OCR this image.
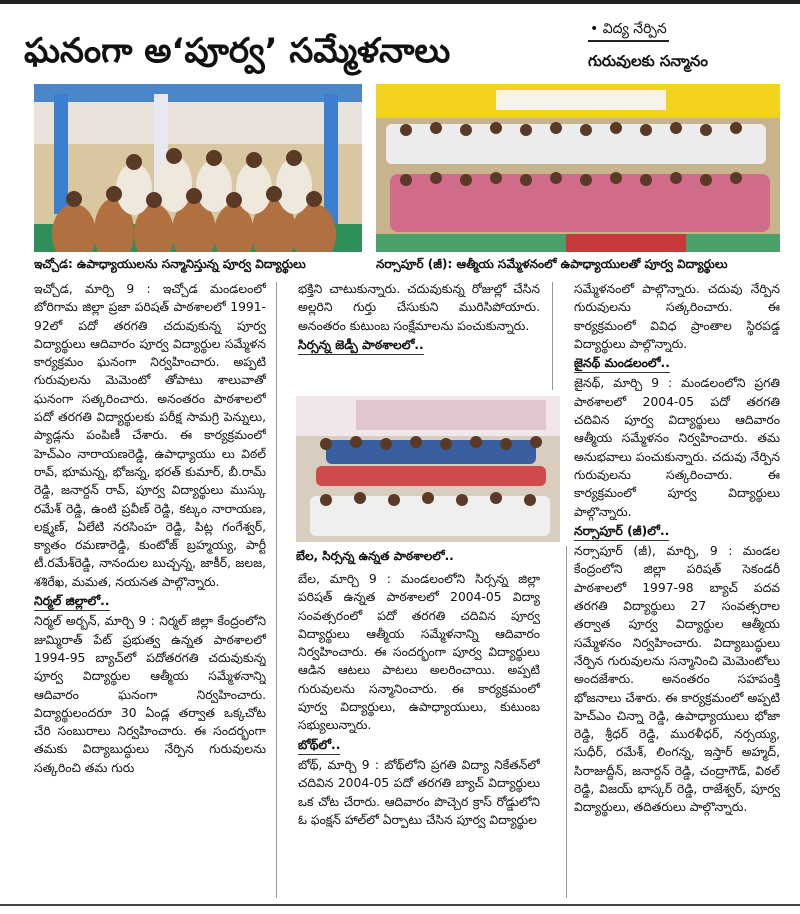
ఘనంగా అ‘పూర్వ’ సమ్మేళనాలు
• విద్య నేర్పిన
గురువులకు సన్మానం
ఇచ్చోడ: ఉపాధ్యాయులను సన్మానిస్తున్న పూర్వ విద్యార్థులు	నర్సాపూర్ (జీ): ఆత్మీయ సమ్మేళనంలో ఉపాధ్యాయులతో పూర్వ విద్యార్థులు

ఇచ్చోడ, మార్చి 9 : ఇచ్చోడ మండలంలో బోరిగామ జిల్లా ప్రజా పరిషత్ పాఠశాలలో 1991-92లో పదో తరగతి చదువుకున్న పూర్వ విద్యార్థులు ఆదివారం పూర్వ విద్యార్థుల సమ్మేళన కార్యక్రమం ఘనంగా నిర్వహించారు. అప్పటి గురువులను మెమెంటో తోపాటు శాలువాతో ఘనంగా సత్కరించారు. అనంతరం పాఠశాలలో పదో తరగతి విద్యార్థులకు పరీక్ష సామగ్రి పెన్నులు, ప్యాడ్లను పంపిణీ చేశారు. ఈ కార్యక్రమంలో హెచ్‌ఎం నారాయణరెడ్డి, ఉపాధ్యాయు లు విఠల్ రావ్, భూమన్న, భోజన్న, భరత్ కుమార్, బీ.రామ్ రెడ్డి, జనార్దన్ రావ్, పూర్వ విద్యార్థులు ముస్కు రమేశ్ రెడ్డి, ఉంటి ప్రవీణ్ రెడ్డి, కట్కం నారాయణ, లక్ష్మణ్, ఏలేటి నరసింహ రెడ్డి, పిట్ల గంగేశ్వర్, క్యాతం రమణారెడ్డి, కుంటోజ్ బ్రహ్మయ్య, పార్టీ టీ.రమేశ్‌రెడ్డి, నానందుల బుచ్చన్న, జాకీర్, జలజ, శశిరేఖ, మమత, నయనత పాల్గొన్నారు.

నిర్మల్ జిల్లాలో..

నిర్మల్ అర్బన్, మార్చి 9 : నిర్మల్ జిల్లా కేంద్రంలోని జుమ్మిరాత్ పేట్ ప్రభుత్వ ఉన్నత పాఠశాలలో 1994-95 బ్యాచ్‌లో పదోతరగతి చదువుకున్న పూర్వ విద్యార్థుల ఆత్మీయ సమ్మేళనాన్ని ఆదివారం ఘనంగా నిర్వహించారు. విద్యార్థులందరూ 30 ఏండ్ల తర్వాత ఒక్కచోట చేరి సంబురాలు నిర్వహించారు. ఈ సందర్భంగా తమకు విద్యాబుద్ధులు నేర్పిన గురువులను సత్కరించి తమ గురు

భక్తిని చాటుకున్నారు. చదువుకున్న రోజుల్లో చేసిన అల్లరిని గుర్తు చేసుకుని మురిసిపోయారు. అనంతరం కుటుంబ సంక్షేమాలను పంచుకున్నారు.

సిర్సన్న జెడ్పీ పాఠశాలలో..
బేల, సిర్సన్న ఉన్నత పాఠశాలలో..

బేల, మార్చి 9 : మండలంలోని సిర్సన్న జిల్లా పరిషత్ ఉన్నత పాఠశాలలో 2004-05 విద్యా సంవత్సరంలో పదో తరగతి చదివిన పూర్వ విద్యార్థులు ఆత్మీయ సమ్మేళనాన్ని ఆదివారం నిర్వహించారు. ఈ సందర్భంగా పూర్వ విద్యార్థులు ఆడిన ఆటలు పాటలు అలరించాయి. అప్పటి గురువులను సన్మానించారు. ఈ కార్యక్రమంలో పూర్వ విద్యార్థులు, ఉపాధ్యాయులు, కుటుంబ సభ్యులున్నారు.

బోథ్‌లో..

బోథ్, మార్చి 9 : బోథ్‌లోని ప్రగతి విద్యా నికేతన్‌లో చదివిన 2004-05 పదో తరగతి బ్యాచ్ విద్యార్థులు ఒక చోట చేరారు. ఆదివారం పొచ్చెర క్రాస్ రోడ్డులోని ఓ ఫంక్షన్ హాల్‌లో ఏర్పాటు చేసిన పూర్వ విద్యార్థుల

సమ్మేళనంలో పాల్గొన్నారు. చదువు నేర్పిన గురువులను సత్కరించారు. ఈ కార్యక్రమంలో వివిధ ప్రాంతాల స్థిరపడ్డ విద్యార్థులు పాల్గొన్నారు.

జైనథ్ మండలంలో..

జైనథ్, మార్చి 9 : మండలంలోని ప్రగతి పాఠశాలలో 2004-05 పదో తరగతి చదివిన పూర్వ విద్యార్థులు ఆదివారం ఆత్మీయ సమ్మేళనం నిర్వహించారు. తమ అనుభవాలు పంచుకున్నారు. చదువు నేర్పిన గురువులను సత్కరించారు. ఈ కార్యక్రమంలో పూర్వ విద్యార్థులు పాల్గొన్నారు.

నర్సాపూర్ (జీ)లో..

నర్సాపూర్ (జీ), మార్చి, 9 : మండల కేంద్రంలోని జిల్లా పరిషత్ సెకండరీ పాఠశాలలో 1997-98 బ్యాచ్ పదవ తరగతి విద్యార్థులు 27 సంవత్సరాల తర్వాత పూర్వ విద్యార్థుల ఆత్మీయ సమ్మేళనం నిర్వహించారు. విద్యాబుద్ధులు నేర్పిన గురువులను సన్మానించి మెమెంటోలు అందజేశారు. అనంతరం సహపంక్తి భోజనాలు చేశారు. ఈ కార్యక్రమంలో అప్పటి హెచ్‌ఎం చిన్నా రెడ్డి, ఉపాధ్యాయులు భోజా రెడ్డి, శ్రీధర్ రెడ్డి, మురళీధర్, నర్సయ్య, సుధీర్, రమేశ్, లింగన్న, ఇస్తార్ అహ్మద్, సిరాజుద్దీన్, జనార్దన్ రెడ్డి, చంద్రాగౌడ్, విఠల్ రెడ్డి, విజయ్ భాస్కర్ రెడ్డి, రాజేశ్వర్, పూర్వ విద్యార్థులు, తదితరులు పాల్గొన్నారు.
